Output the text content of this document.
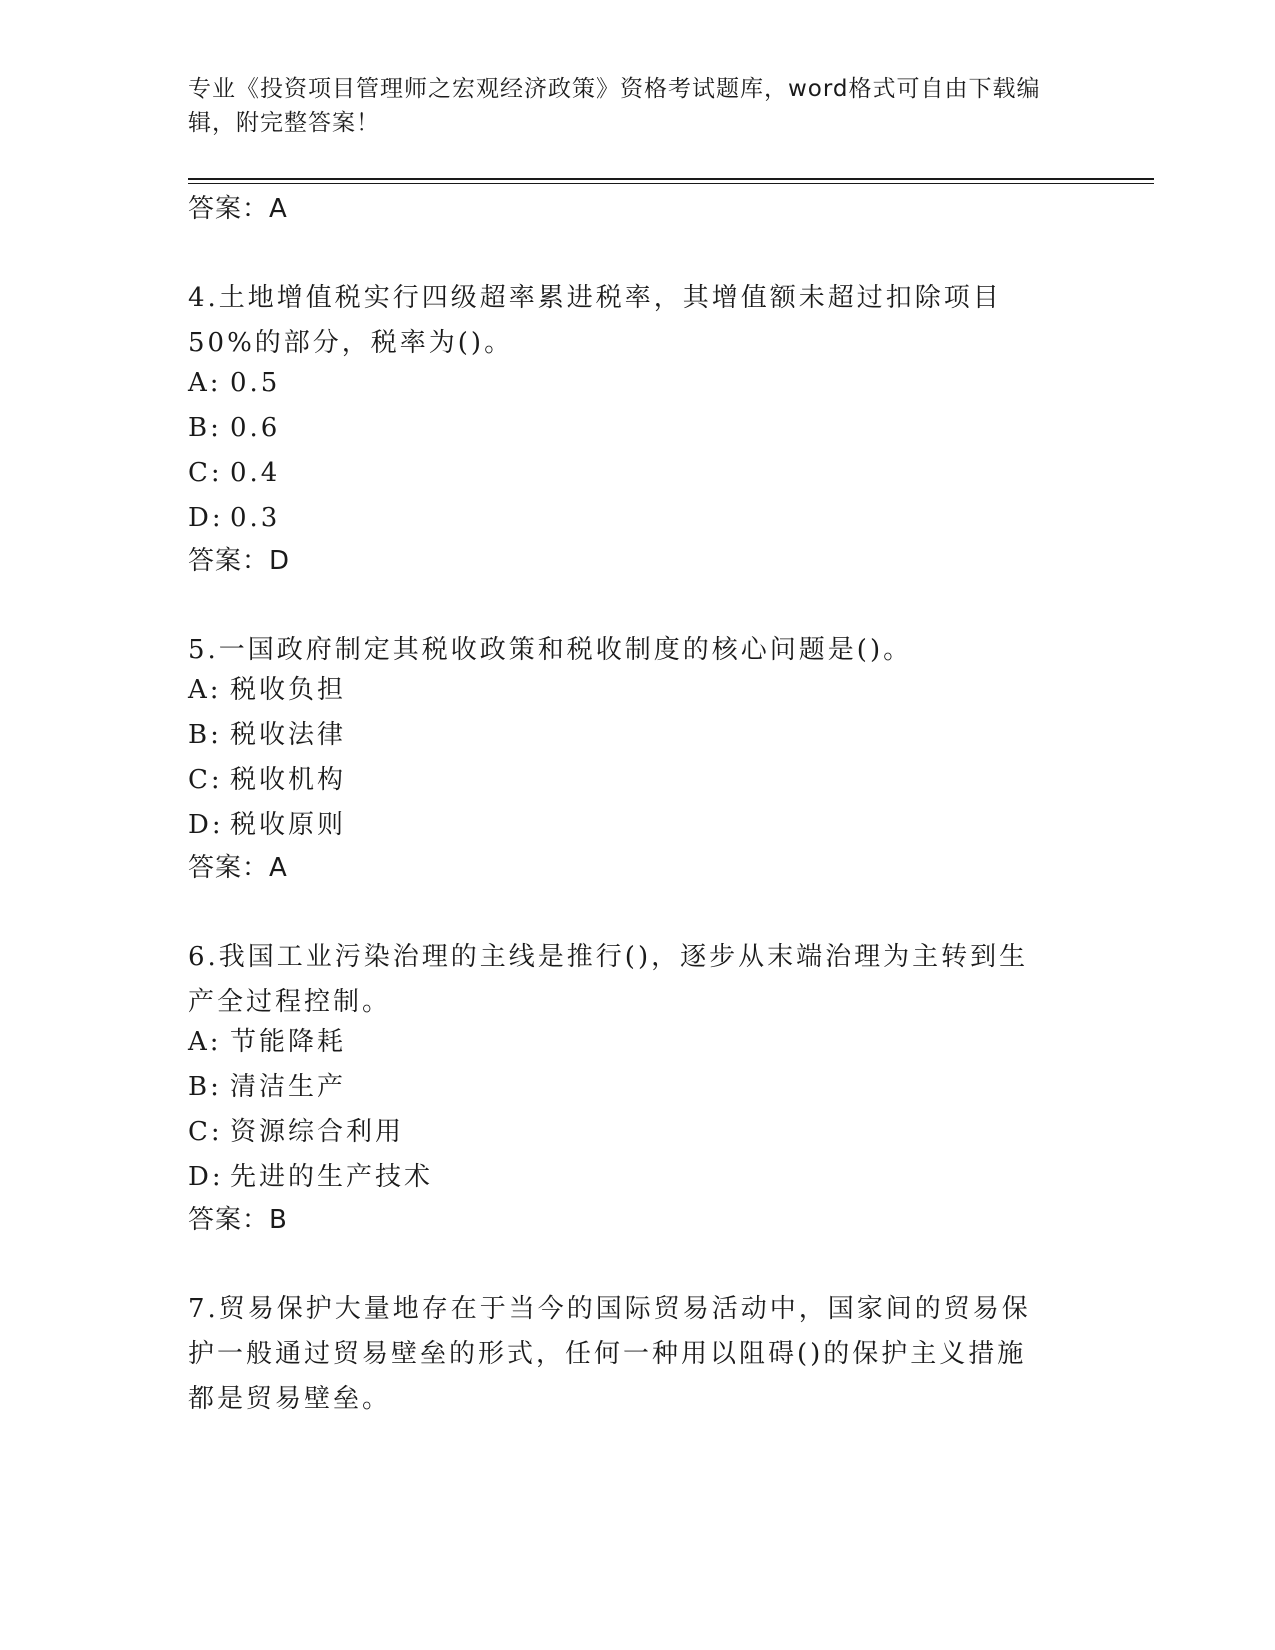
专业《投资项目管理师之宏观经济政策》资格考试题库，word格式可自由下载编辑，附完整答案！
答案：A
4.土地增值税实行四级超率累进税率，其增值额未超过扣除项目50%的部分，税率为()。
A: 0.5
B: 0.6
C: 0.4
D: 0.3
答案：D
5.一国政府制定其税收政策和税收制度的核心问题是()。
A: 税收负担
B: 税收法律
C: 税收机构
D: 税收原则
答案：A
6.我国工业污染治理的主线是推行()，逐步从末端治理为主转到生产全过程控制。
A: 节能降耗
B: 清洁生产
C: 资源综合利用
D: 先进的生产技术
答案：B
7.贸易保护大量地存在于当今的国际贸易活动中，国家间的贸易保护一般通过贸易壁垒的形式，任何一种用以阻碍()的保护主义措施都是贸易壁垒。
